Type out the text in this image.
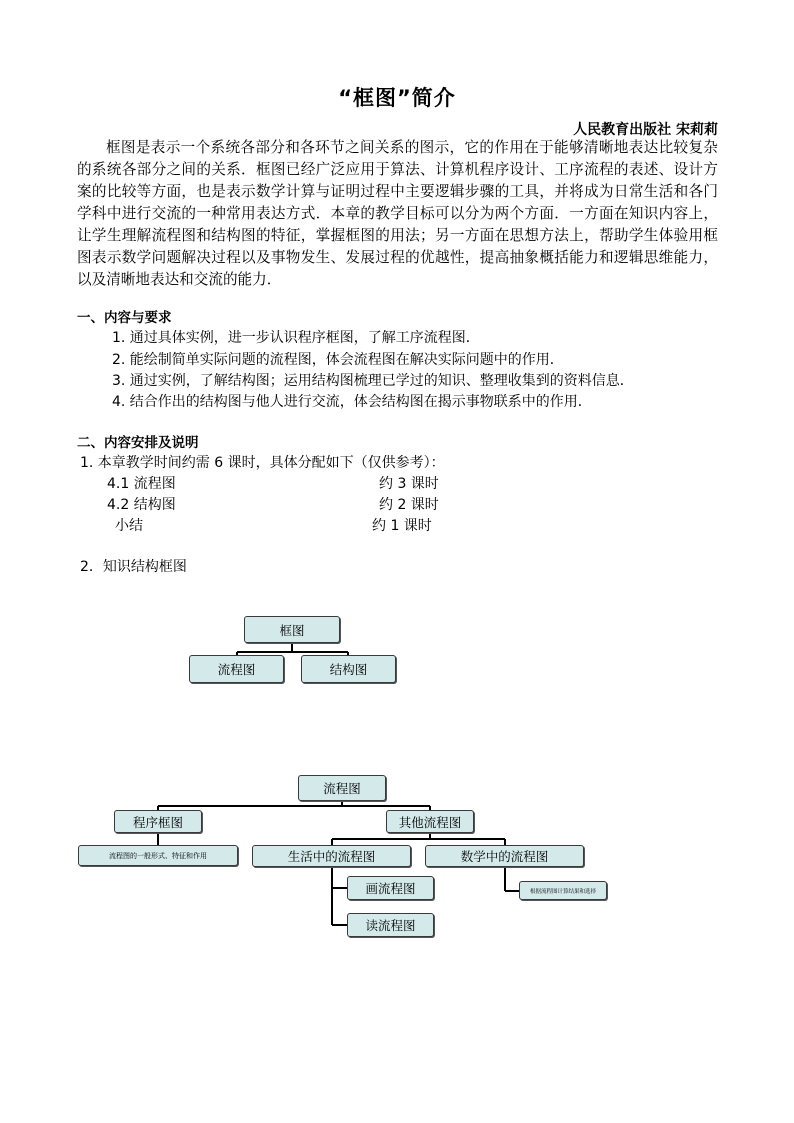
“框图”简介
人民教育出版社 宋莉莉
框图是表示一个系统各部分和各环节之间关系的图示，它的作用在于能够清晰地表达比较复杂的系统各部分之间的关系．框图已经广泛应用于算法、计算机程序设计、工序流程的表述、设计方案的比较等方面，也是表示数学计算与证明过程中主要逻辑步骤的工具，并将成为日常生活和各门学科中进行交流的一种常用表达方式．本章的教学目标可以分为两个方面．一方面在知识内容上，让学生理解流程图和结构图的特征，掌握框图的用法；另一方面在思想方法上，帮助学生体验用框图表示数学问题解决过程以及事物发生、发展过程的优越性，提高抽象概括能力和逻辑思维能力，以及清晰地表达和交流的能力．
一、内容与要求
1. 通过具体实例，进一步认识程序框图，了解工序流程图．
2. 能绘制简单实际问题的流程图，体会流程图在解决实际问题中的作用．
3. 通过实例，了解结构图；运用结构图梳理已学过的知识、整理收集到的资料信息．
4. 结合作出的结构图与他人进行交流，体会结构图在揭示事物联系中的作用．
二、内容安排及说明
1. 本章教学时间约需 6 课时，具体分配如下（仅供参考）：
4.1 流程图	约 3 课时
4.2 结构图	约 2 课时
小结	约 1 课时
2．知识结构框图
框图
流程图	结构图
流程图
程序框图	其他流程图
流程图的一般形式、特征和作用	生活中的流程图	数学中的流程图
画流程图
读流程图
根据流程图计算结果和选择
